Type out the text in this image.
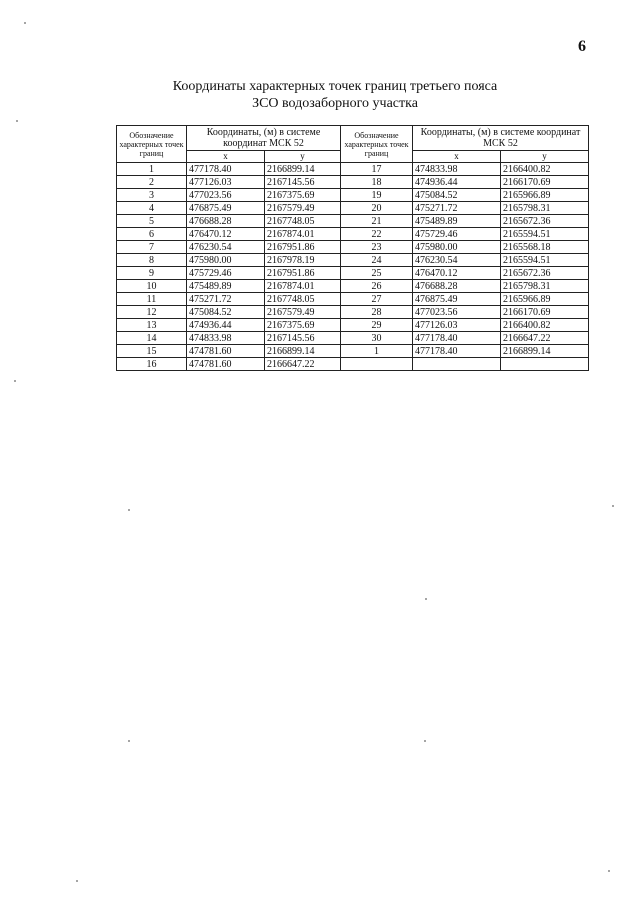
6
Координаты характерных точек границ третьего пояса
ЗСО водозаборного участка
Обозначение характерных точек границ	Координаты, (м) в системе координат МСК 52		Обозначение характерных точек границ	Координаты, (м) в системе координат МСК 52	
	х	у		х	у
1	477178.40	2166899.14	17	474833.98	2166400.82
2	477126.03	2167145.56	18	474936.44	2166170.69
3	477023.56	2167375.69	19	475084.52	2165966.89
4	476875.49	2167579.49	20	475271.72	2165798.31
5	476688.28	2167748.05	21	475489.89	2165672.36
6	476470.12	2167874.01	22	475729.46	2165594.51
7	476230.54	2167951.86	23	475980.00	2165568.18
8	475980.00	2167978.19	24	476230.54	2165594.51
9	475729.46	2167951.86	25	476470.12	2165672.36
10	475489.89	2167874.01	26	476688.28	2165798.31
11	475271.72	2167748.05	27	476875.49	2165966.89
12	475084.52	2167579.49	28	477023.56	2166170.69
13	474936.44	2167375.69	29	477126.03	2166400.82
14	474833.98	2167145.56	30	477178.40	2166647.22
15	474781.60	2166899.14	1	477178.40	2166899.14
16	474781.60	2166647.22			
